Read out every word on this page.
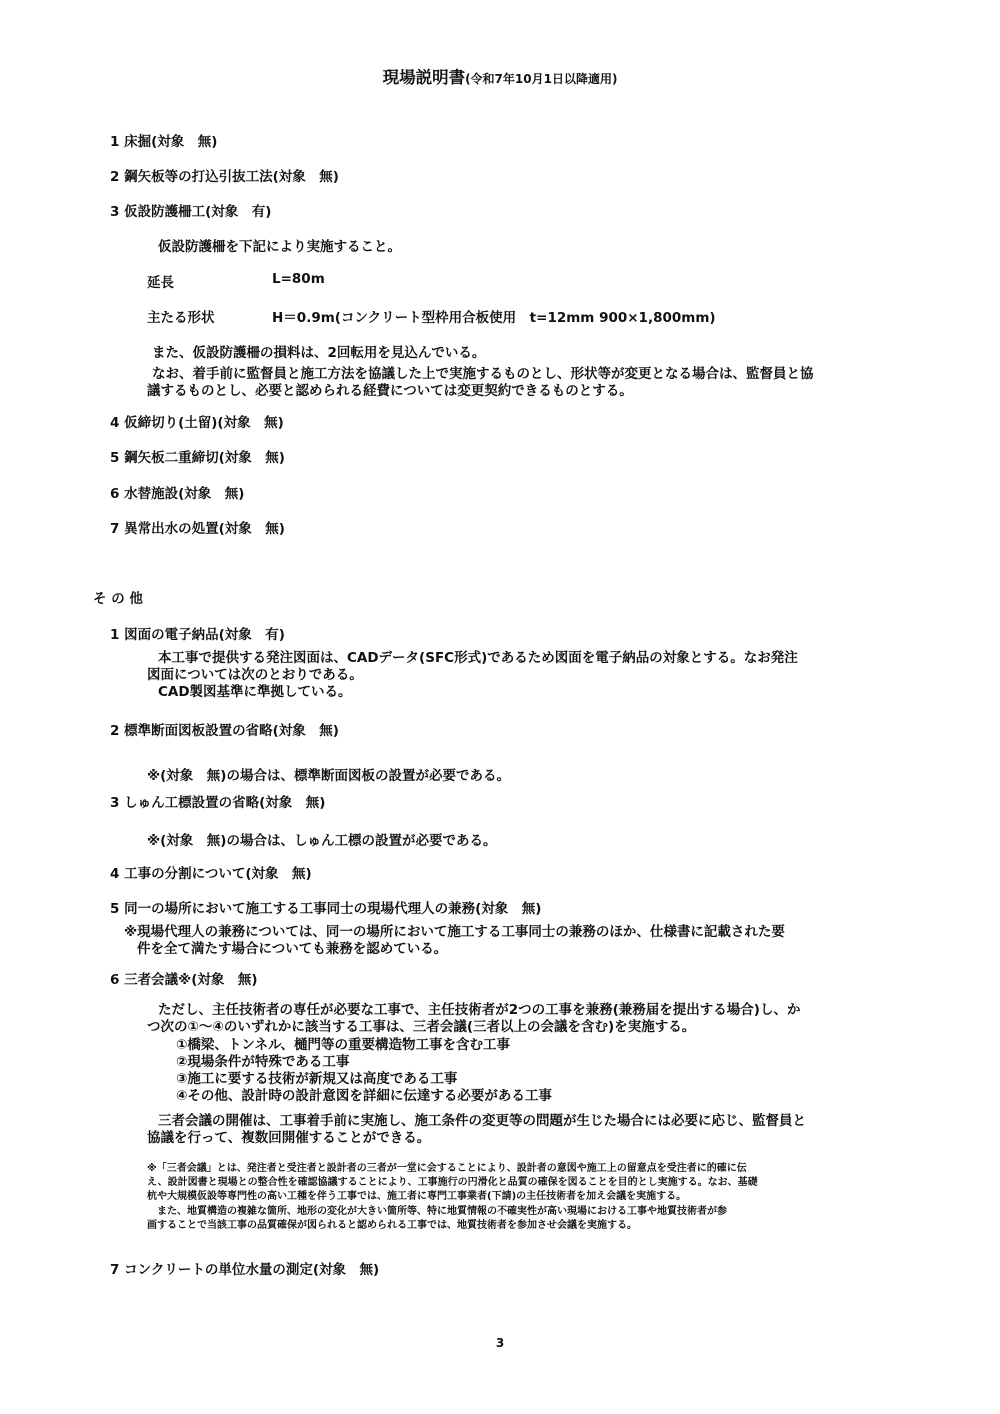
現場説明書(令和7年10月1日以降適用)
1 床掘(対象　無)
2 鋼矢板等の打込引抜工法(対象　無)
3 仮設防護柵工(対象　有)
仮設防護柵を下記により実施すること。
延長	L=80m
主たる形状	H＝0.9m(コンクリート型枠用合板使用　t=12mm 900×1,800mm)
また、仮設防護柵の損料は、2回転用を見込んでいる。
なお、着手前に監督員と施工方法を協議した上で実施するものとし、形状等が変更となる場合は、監督員と協
議するものとし、必要と認められる経費については変更契約できるものとする。
4 仮締切り(土留)(対象　無)
5 鋼矢板二重締切(対象　無)
6 水替施設(対象　無)
7 異常出水の処置(対象　無)
そ の 他
1 図面の電子納品(対象　有)
本工事で提供する発注図面は、CADデータ(SFC形式)であるため図面を電子納品の対象とする。なお発注
図面については次のとおりである。
CAD製図基準に準拠している。
2 標準断面図板設置の省略(対象　無)
※(対象　無)の場合は、標準断面図板の設置が必要である。
3 しゅん工標設置の省略(対象　無)
※(対象　無)の場合は、しゅん工標の設置が必要である。
4 工事の分割について(対象　無)
5 同一の場所において施工する工事同士の現場代理人の兼務(対象　無)
※現場代理人の兼務については、同一の場所において施工する工事同士の兼務のほか、仕様書に記載された要
件を全て満たす場合についても兼務を認めている。
6 三者会議※(対象　無)
ただし、主任技術者の専任が必要な工事で、主任技術者が2つの工事を兼務(兼務届を提出する場合)し、か
つ次の①～④のいずれかに該当する工事は、三者会議(三者以上の会議を含む)を実施する。
①橋梁、トンネル、樋門等の重要構造物工事を含む工事
②現場条件が特殊である工事
③施工に要する技術が新規又は高度である工事
④その他、設計時の設計意図を詳細に伝達する必要がある工事
三者会議の開催は、工事着手前に実施し、施工条件の変更等の問題が生じた場合には必要に応じ、監督員と
協議を行って、複数回開催することができる。
※「三者会議」とは、発注者と受注者と設計者の三者が一堂に会することにより、設計者の意図や施工上の留意点を受注者に的確に伝
え、設計図書と現場との整合性を確認協議することにより、工事施行の円滑化と品質の確保を図ることを目的とし実施する。なお、基礎
杭や大規模仮設等専門性の高い工種を伴う工事では、施工者に専門工事業者(下請)の主任技術者を加え会議を実施する。
　また、地質構造の複雑な箇所、地形の変化が大きい箇所等、特に地質情報の不確実性が高い現場における工事や地質技術者が参
画することで当該工事の品質確保が図られると認められる工事では、地質技術者を参加させ会議を実施する。
7 コンクリートの単位水量の測定(対象　無)
3
